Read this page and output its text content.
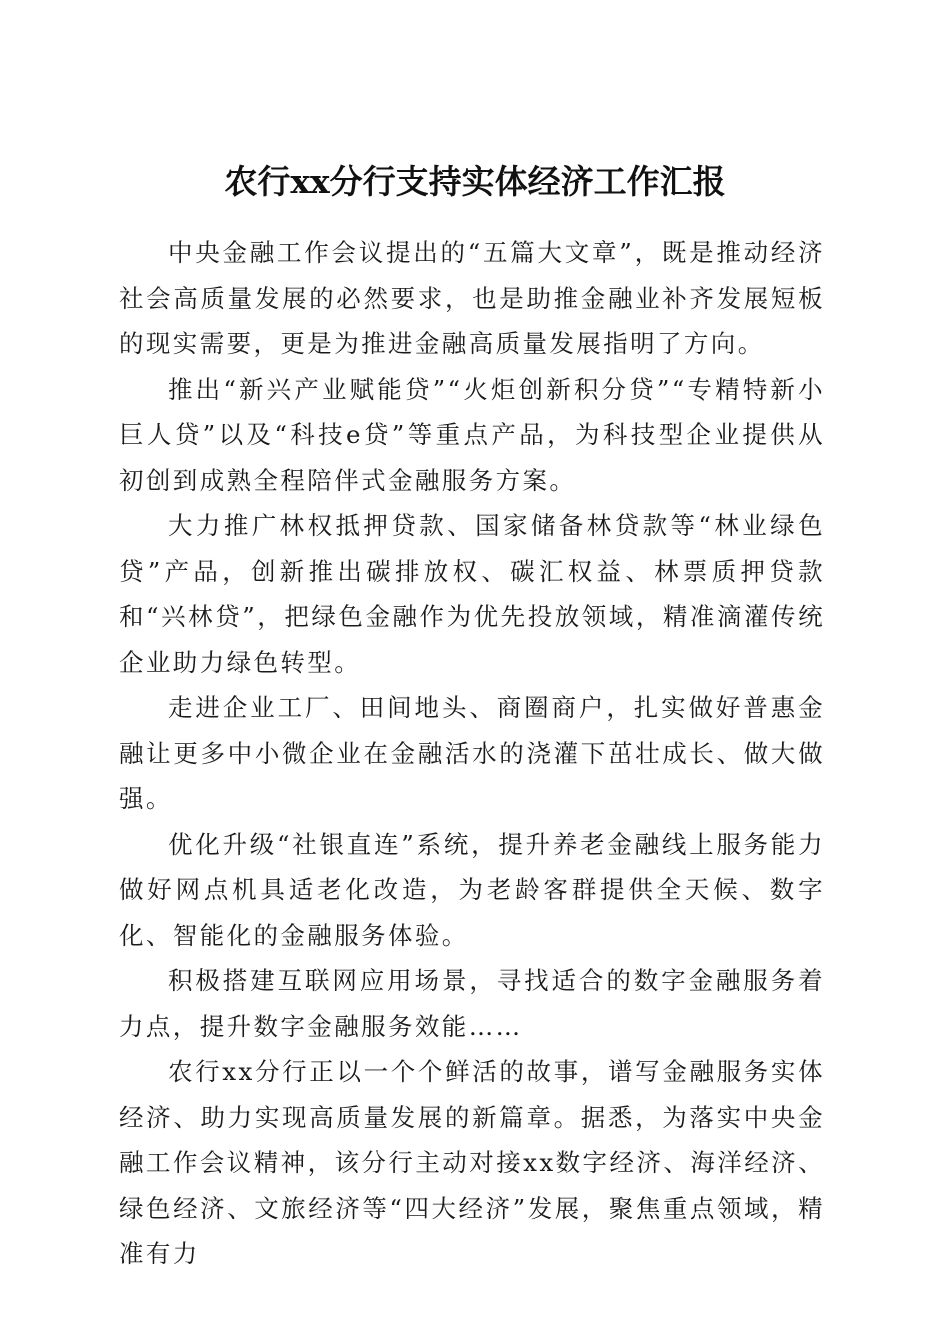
农行xx分行支持实体经济工作汇报

中央金融工作会议提出的“五篇大文章”，既是推动经济社会高质量发展的必然要求，也是助推金融业补齐发展短板的现实需要，更是为推进金融高质量发展指明了方向。

推出“新兴产业赋能贷”“火炬创新积分贷”“专精特新小巨人贷”以及“科技e贷”等重点产品，为科技型企业提供从初创到成熟全程陪伴式金融服务方案。

大力推广林权抵押贷款、国家储备林贷款等“林业绿色贷”产品，创新推出碳排放权、碳汇权益、林票质押贷款和“兴林贷”，把绿色金融作为优先投放领域，精准滴灌传统企业助力绿色转型。

走进企业工厂、田间地头、商圈商户，扎实做好普惠金融让更多中小微企业在金融活水的浇灌下茁壮成长、做大做强。

优化升级“社银直连”系统，提升养老金融线上服务能力做好网点机具适老化改造，为老龄客群提供全天候、数字化、智能化的金融服务体验。

积极搭建互联网应用场景，寻找适合的数字金融服务着力点，提升数字金融服务效能……

农行xx分行正以一个个鲜活的故事，谱写金融服务实体经济、助力实现高质量发展的新篇章。据悉，为落实中央金融工作会议精神，该分行主动对接xx数字经济、海洋经济、绿色经济、文旅经济等“四大经济”发展，聚焦重点领域，精准有力
